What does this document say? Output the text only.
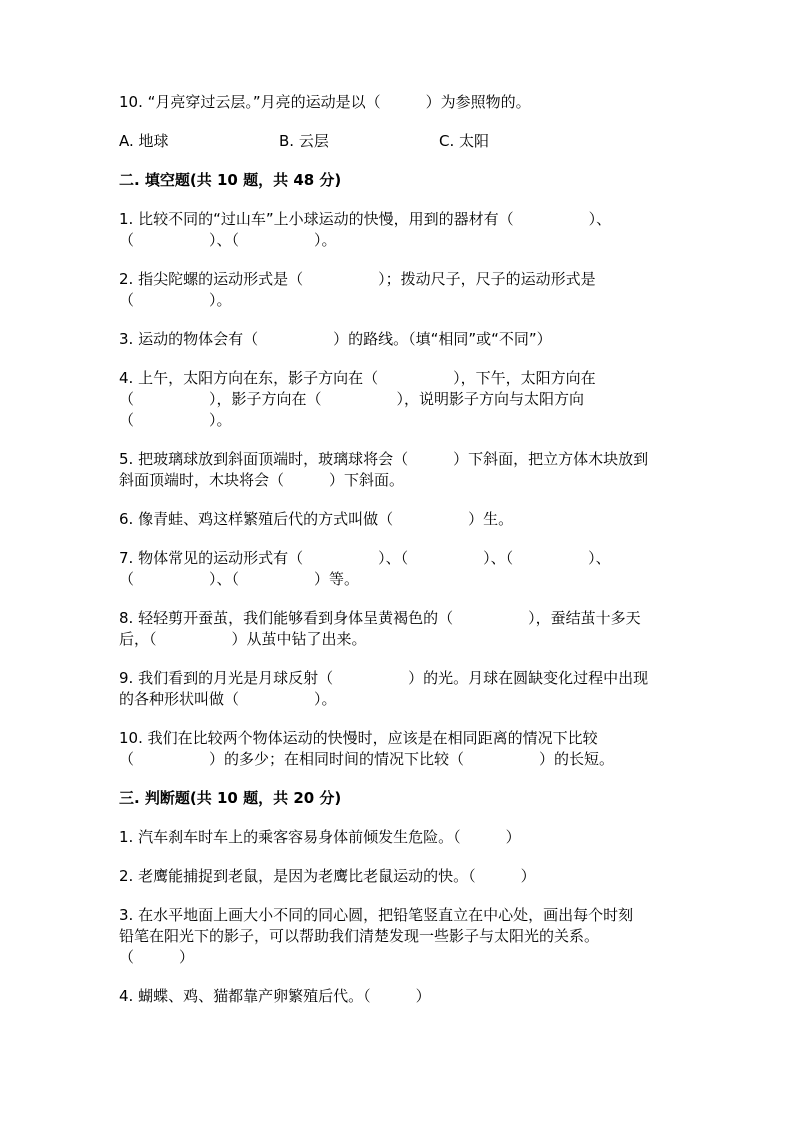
10. “月亮穿过云层。”月亮的运动是以（　　　）为参照物的。

A. 地球	B. 云层	C. 太阳

二. 填空题(共 10 题，共 48 分)

1. 比较不同的“过山车”上小球运动的快慢，用到的器材有（　　　　　）、

（　　　　　）、（　　　　　）。

2. 指尖陀螺的运动形式是（　　　　　）；拨动尺子，尺子的运动形式是

（　　　　　）。

3. 运动的物体会有（　　　　　）的路线。（填“相同”或“不同”）

4. 上午，太阳方向在东，影子方向在（　　　　　），下午，太阳方向在

（　　　　　），影子方向在（　　　　　），说明影子方向与太阳方向

（　　　　　）。

5. 把玻璃球放到斜面顶端时，玻璃球将会（　　　）下斜面，把立方体木块放到

斜面顶端时，木块将会（　　　）下斜面。

6. 像青蛙、鸡这样繁殖后代的方式叫做（　　　　　）生。

7. 物体常见的运动形式有（　　　　　）、（　　　　　）、（　　　　　）、

（　　　　　）、（　　　　　）等。

8. 轻轻剪开蚕茧，我们能够看到身体呈黄褐色的（　　　　　），蚕结茧十多天

后，（　　　　　）从茧中钻了出来。

9. 我们看到的月光是月球反射（　　　　　）的光。月球在圆缺变化过程中出现

的各种形状叫做（　　　　　）。

10. 我们在比较两个物体运动的快慢时，应该是在相同距离的情况下比较

（　　　　　）的多少；在相同时间的情况下比较（　　　　　）的长短。

三. 判断题(共 10 题，共 20 分)

1. 汽车刹车时车上的乘客容易身体前倾发生危险。（　　　）

2. 老鹰能捕捉到老鼠，是因为老鹰比老鼠运动的快。（　　　）

3. 在水平地面上画大小不同的同心圆，把铅笔竖直立在中心处，画出每个时刻

铅笔在阳光下的影子，可以帮助我们清楚发现一些影子与太阳光的关系。

（　　　）

4. 蝴蝶、鸡、猫都靠产卵繁殖后代。（　　　）
